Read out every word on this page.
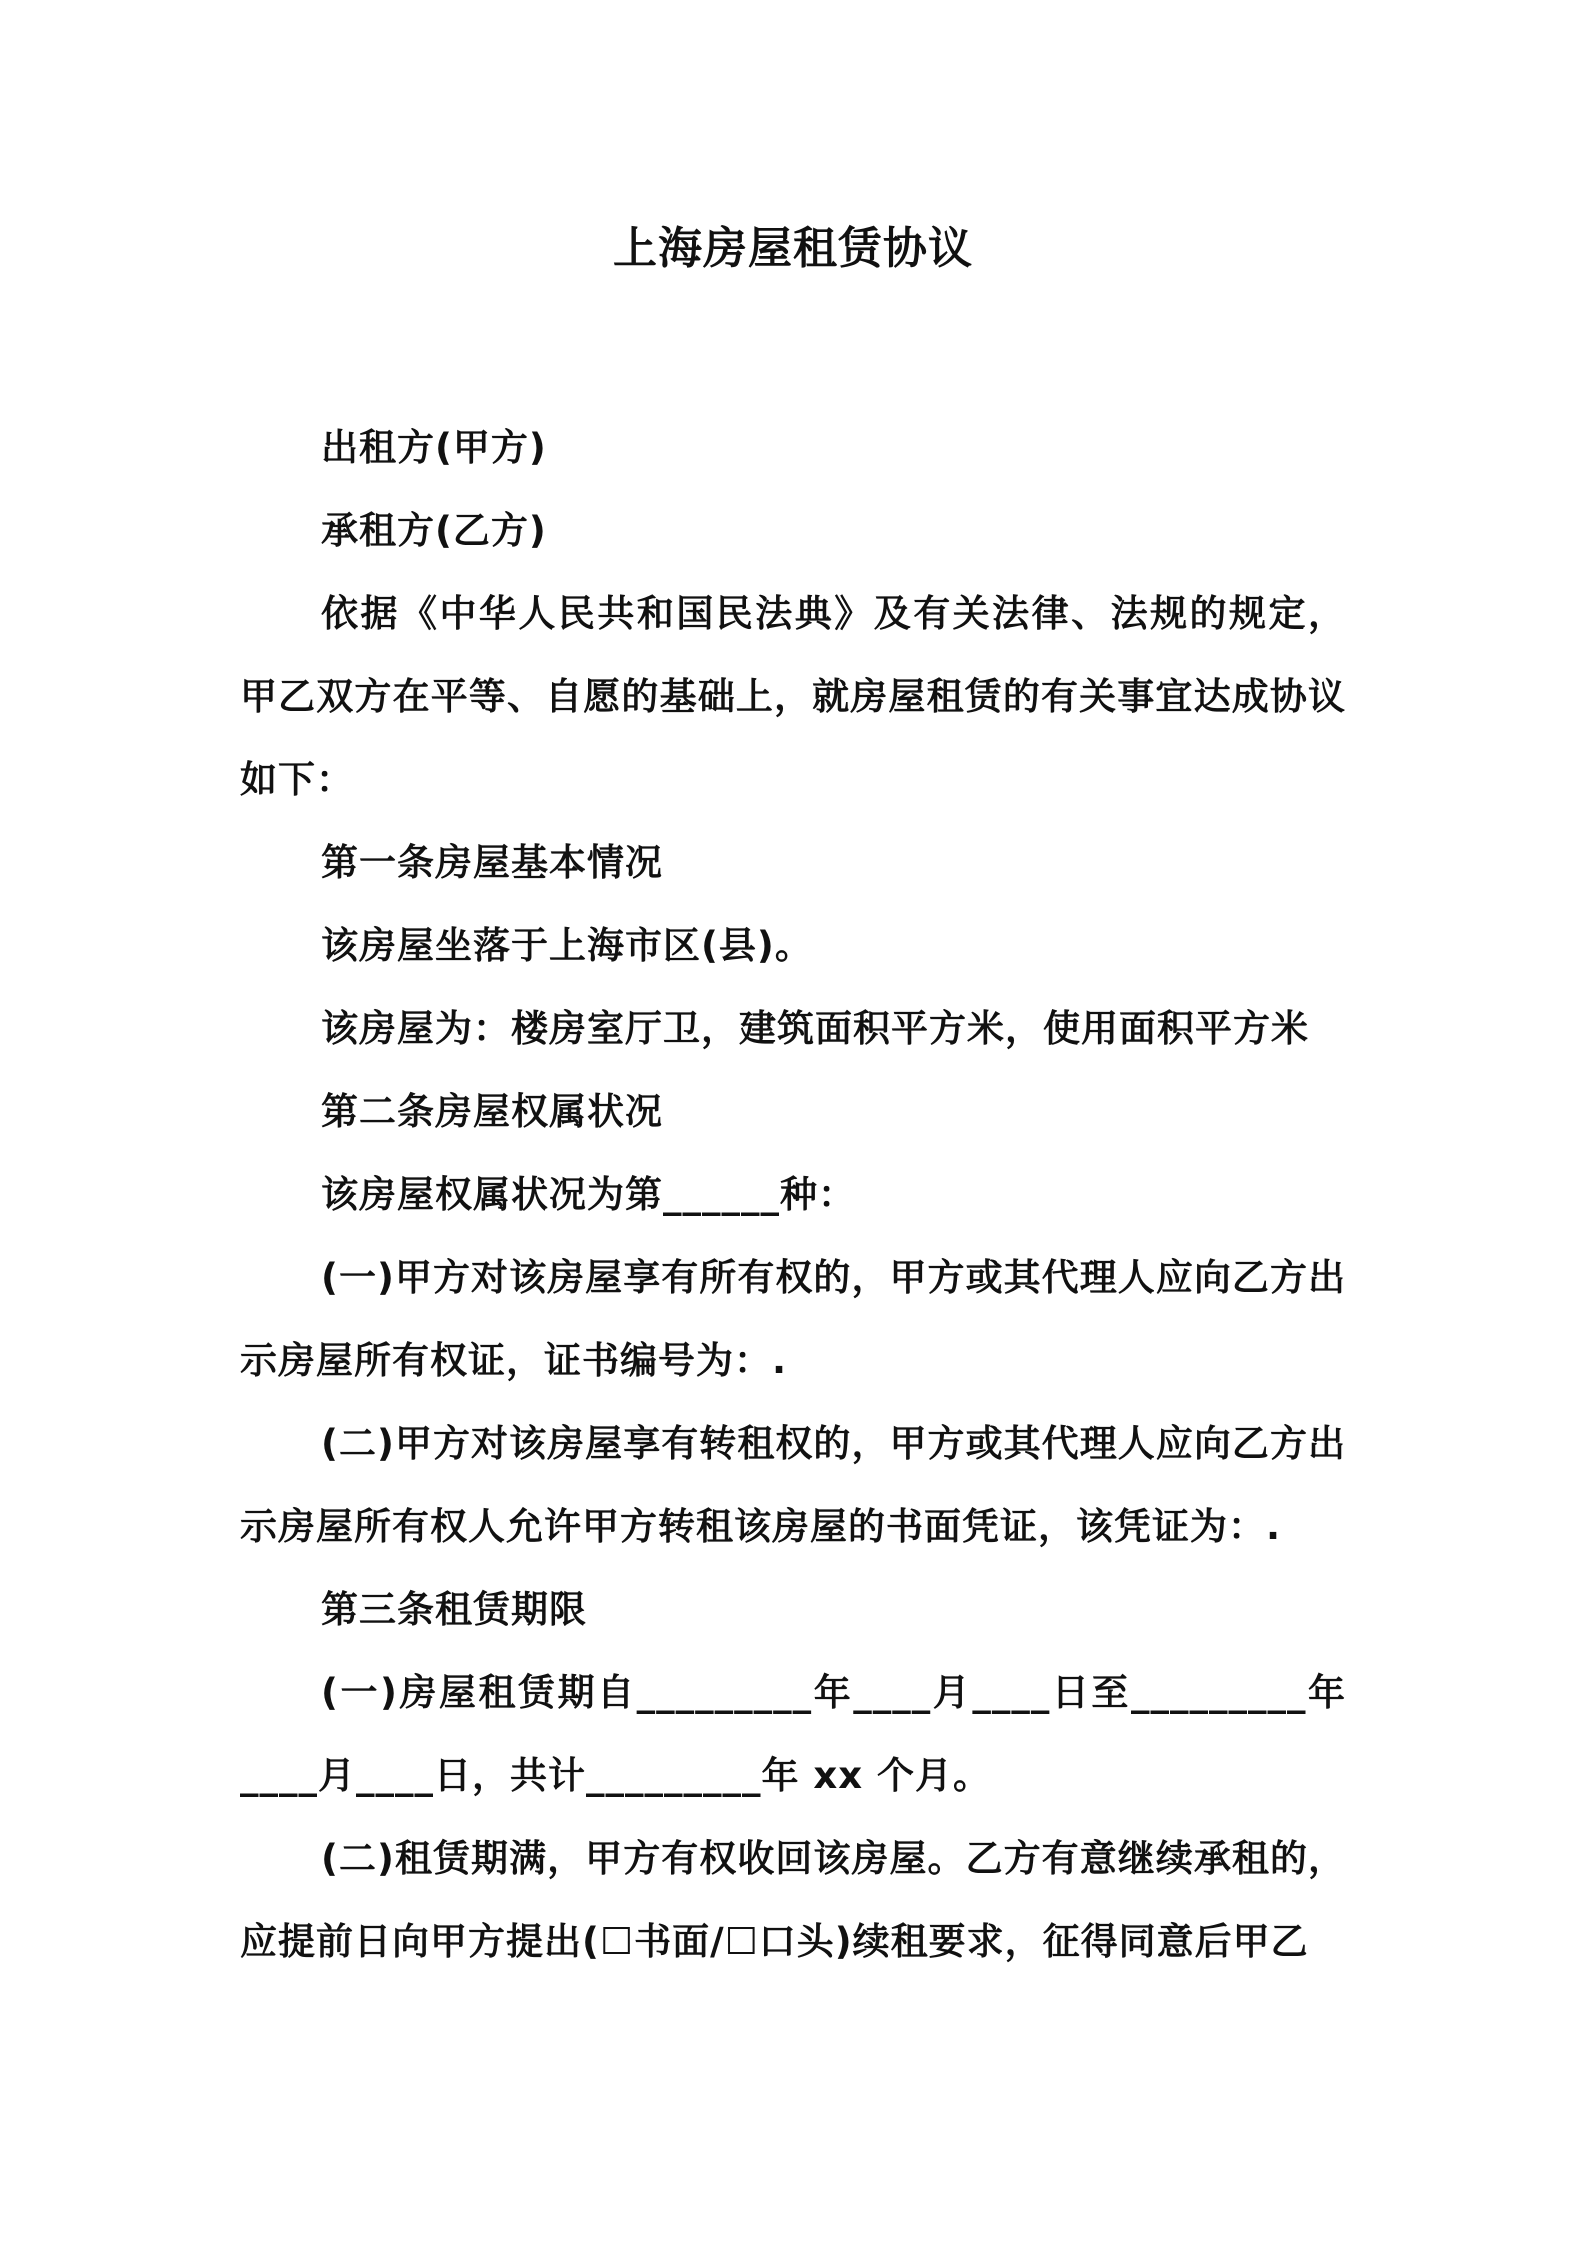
上海房屋租赁协议

出租方(甲方)

承租方(乙方)

依据《中华人民共和国民法典》及有关法律、法规的规定，甲乙双方在平等、自愿的基础上，就房屋租赁的有关事宜达成协议如下：

第一条房屋基本情况

该房屋坐落于上海市区(县)。

该房屋为：楼房室厅卫，建筑面积平方米，使用面积平方米

第二条房屋权属状况

该房屋权属状况为第______种：

(一)甲方对该房屋享有所有权的，甲方或其代理人应向乙方出示房屋所有权证，证书编号为：.

(二)甲方对该房屋享有转租权的，甲方或其代理人应向乙方出示房屋所有权人允许甲方转租该房屋的书面凭证，该凭证为：.

第三条租赁期限

(一)房屋租赁期自_________年____月____日至_________年____月____日，共计_________年 xx 个月。

(二)租赁期满，甲方有权收回该房屋。乙方有意继续承租的，应提前日向甲方提出(☐书面/☐口头)续租要求，征得同意后甲乙
